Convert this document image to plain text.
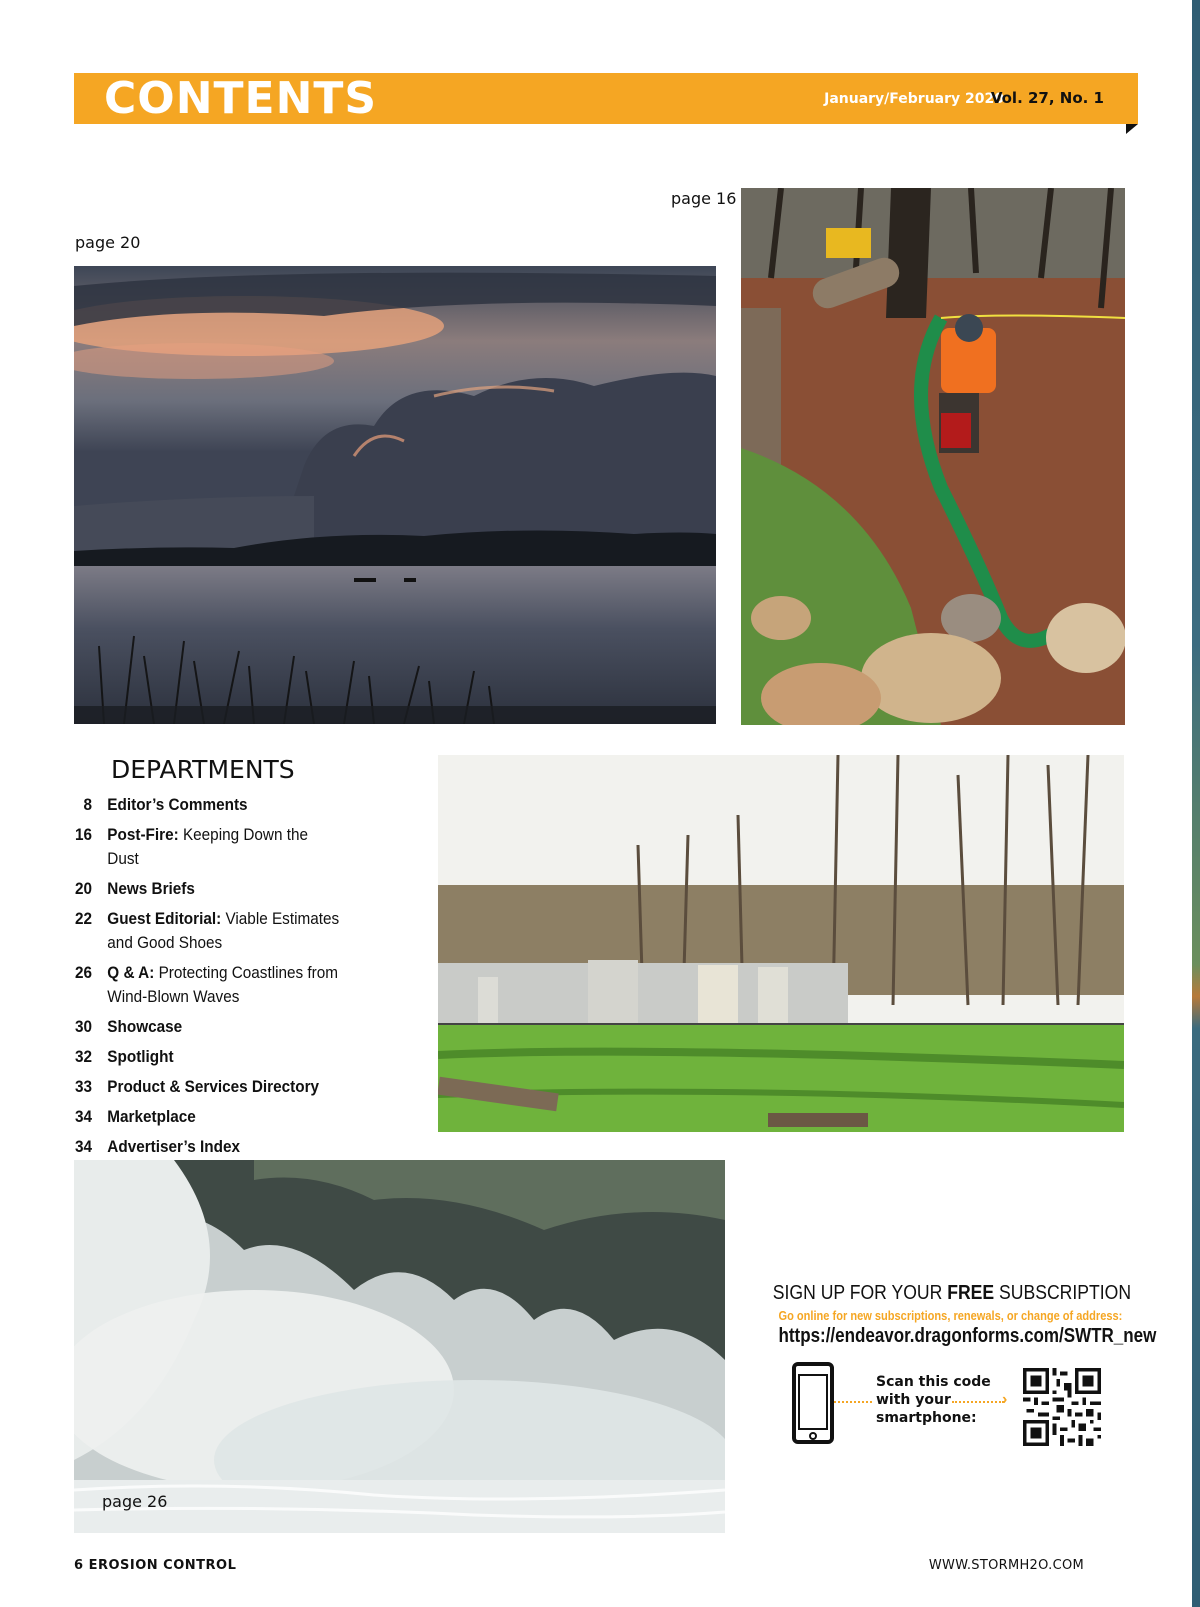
CONTENTS	January/February 2020
Vol. 27, No. 1
page 20
page 16
DEPARTMENTS
8 Editor’s Comments
16 Post-Fire: Keeping Down the Dust
20 News Briefs
22 Guest Editorial: Viable Estimates and Good Shoes
26 Q & A: Protecting Coastlines from Wind-Blown Waves
30 Showcase
32 Spotlight
33 Product & Services Directory
34 Marketplace
34 Advertiser’s Index
page 26
SIGN UP FOR YOUR FREE SUBSCRIPTION
Go online for new subscriptions, renewals, or change of address:
https://endeavor.dragonforms.com/SWTR_new
Scan this code with your smartphone:
›
6 EROSION CONTROL	WWW.STORMH2O.COM
